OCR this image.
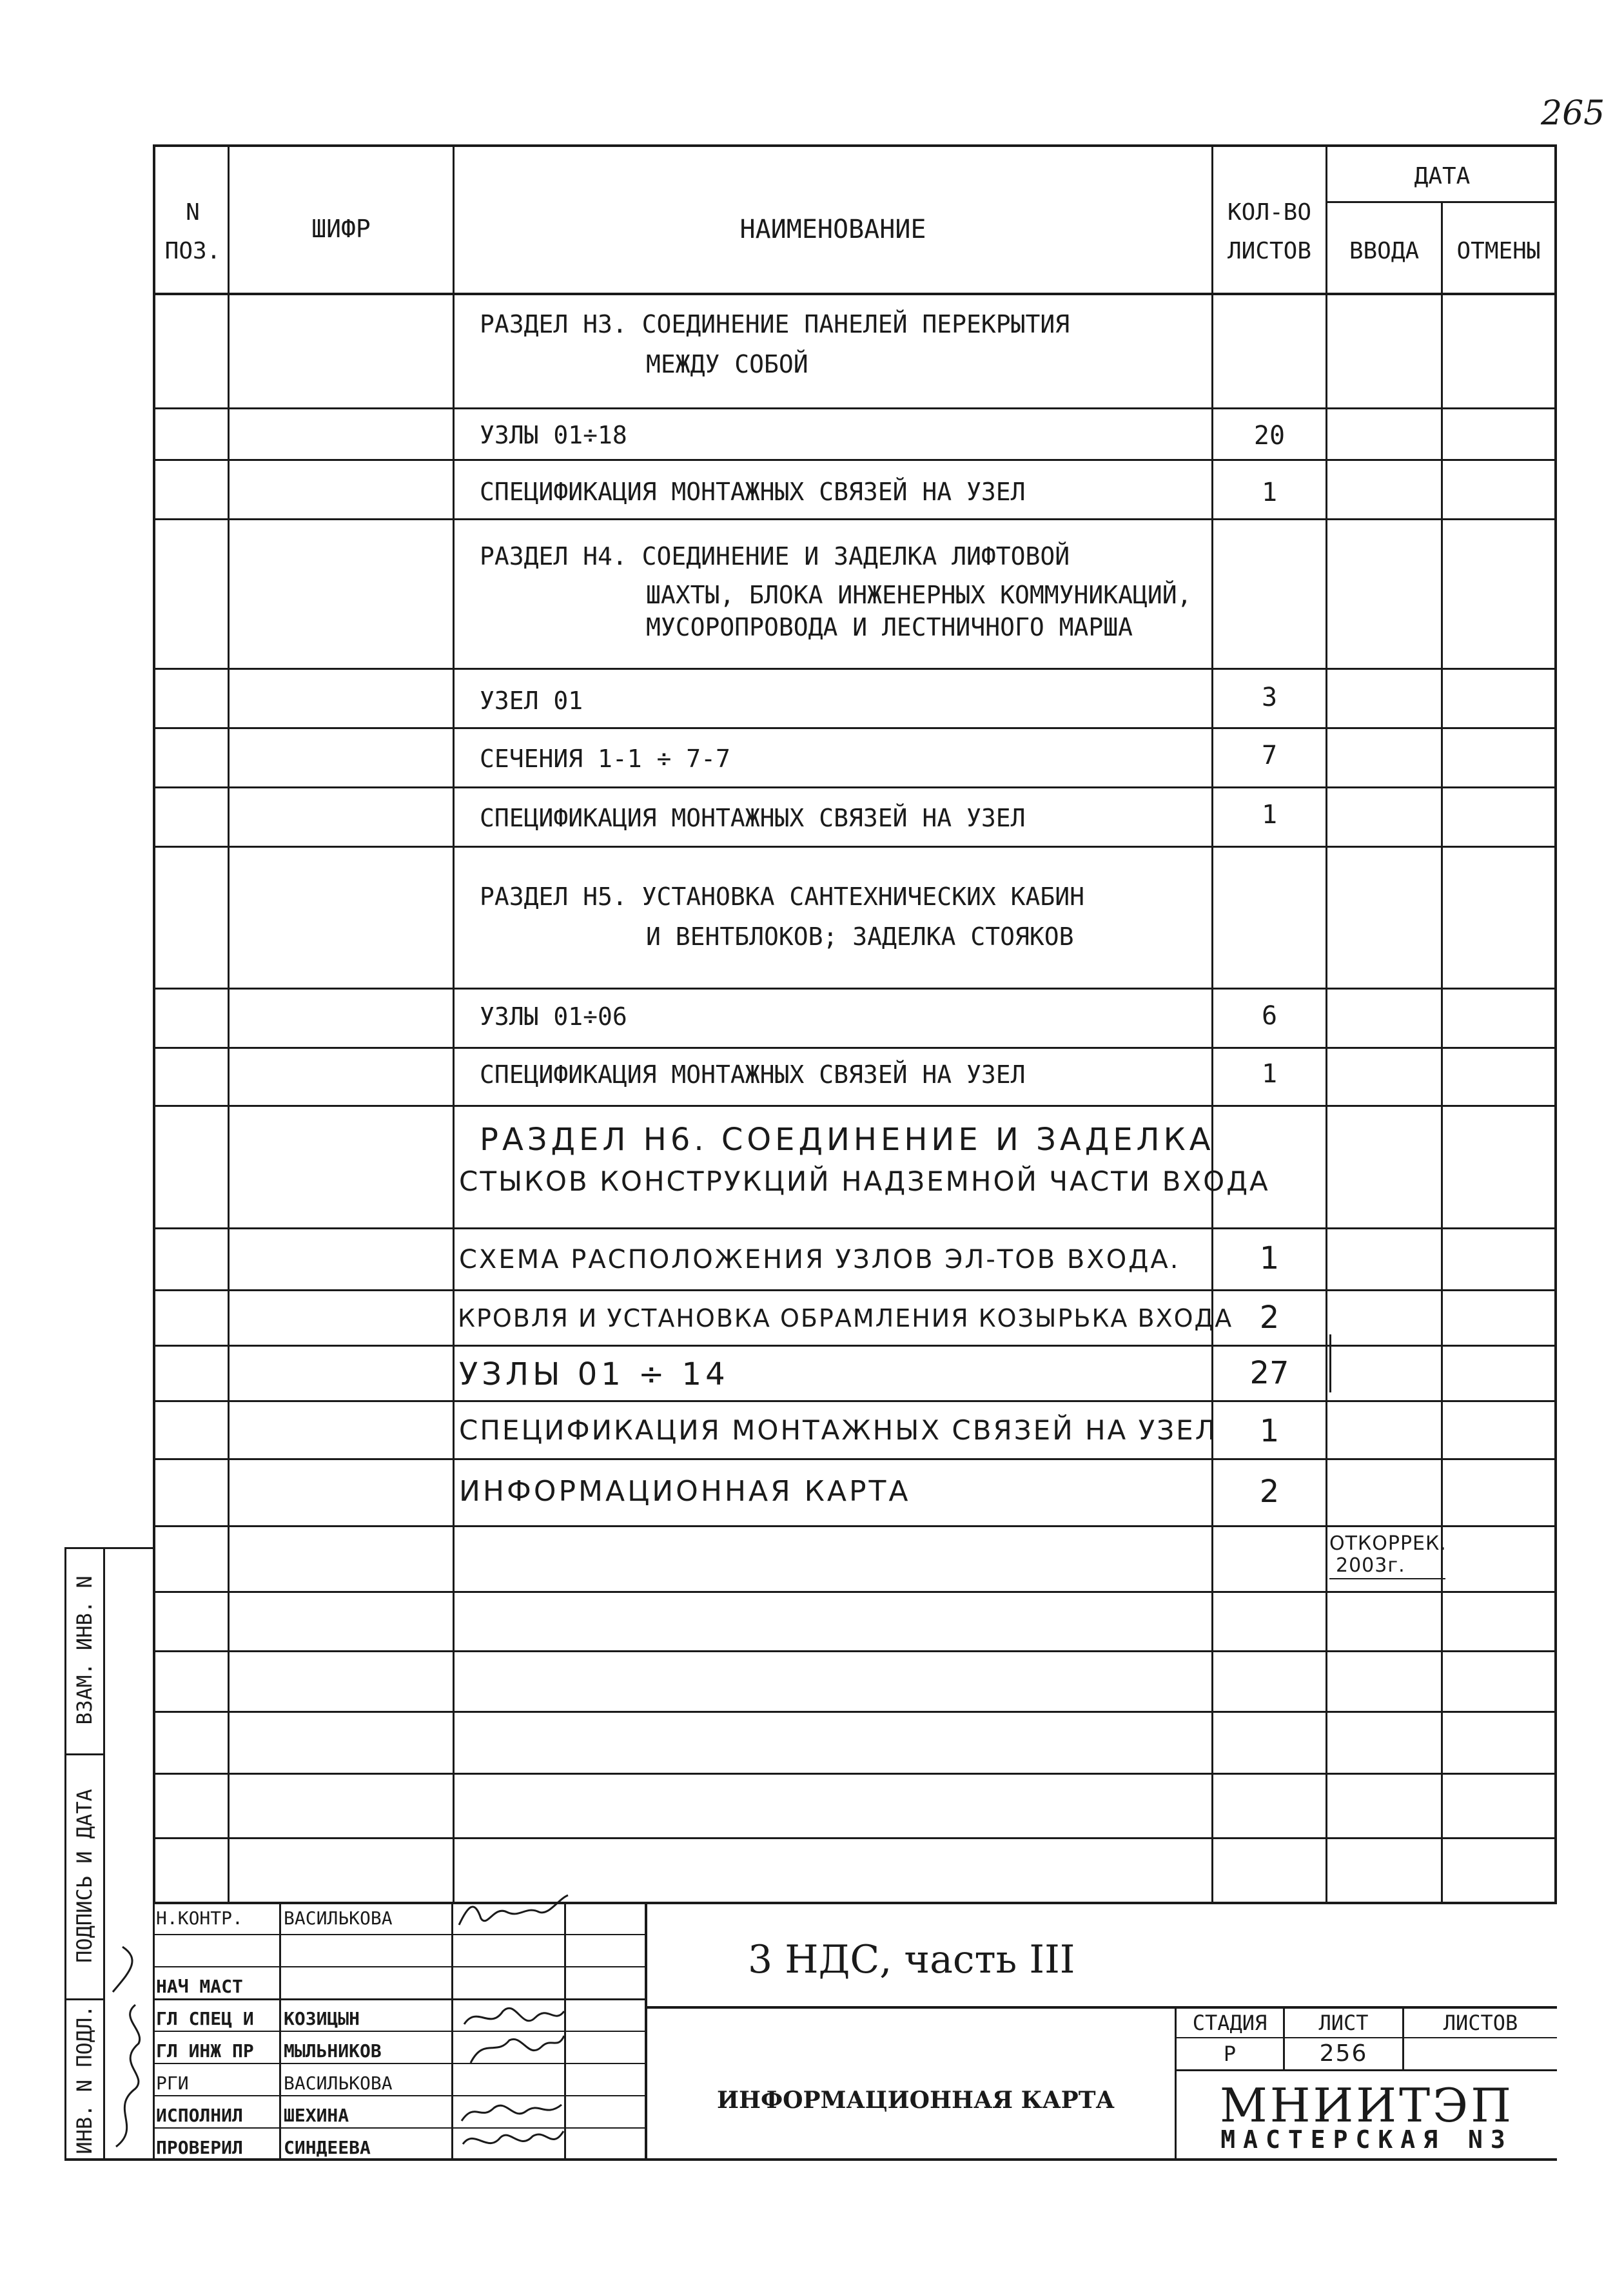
265
N
ПОЗ.
ШИФР	НАИМЕНОВАНИЕ
КОЛ-ВО
ЛИСТОВ
ДАТА
ВВОДА	ОТМЕНЫ
РАЗДЕЛ Н3. СОЕДИНЕНИЕ ПАНЕЛЕЙ ПЕРЕКРЫТИЯ
МЕЖДУ СОБОЙ
УЗЛЫ 01÷18	20
СПЕЦИФИКАЦИЯ МОНТАЖНЫХ СВЯЗЕЙ НА УЗЕЛ	1
РАЗДЕЛ Н4. СОЕДИНЕНИЕ И ЗАДЕЛКА ЛИФТОВОЙ
ШАХТЫ, БЛОКА ИНЖЕНЕРНЫХ КОММУНИКАЦИЙ,
МУСОРОПРОВОДА И ЛЕСТНИЧНОГО МАРША
УЗЕЛ 01	3
СЕЧЕНИЯ 1-1 ÷ 7-7	7
СПЕЦИФИКАЦИЯ МОНТАЖНЫХ СВЯЗЕЙ НА УЗЕЛ	1
РАЗДЕЛ Н5. УСТАНОВКА САНТЕХНИЧЕСКИХ КАБИН
И ВЕНТБЛОКОВ; ЗАДЕЛКА СТОЯКОВ
УЗЛЫ 01÷06	6
СПЕЦИФИКАЦИЯ МОНТАЖНЫХ СВЯЗЕЙ НА УЗЕЛ	1
РАЗДЕЛ Н6. СОЕДИНЕНИЕ И ЗАДЕЛКА
СТЫКОВ КОНСТРУКЦИЙ НАДЗЕМНОЙ ЧАСТИ ВХОДА
СХЕМА РАСПОЛОЖЕНИЯ УЗЛОВ ЭЛ-ТОВ ВХОДА.	1
КРОВЛЯ И УСТАНОВКА ОБРАМЛЕНИЯ КОЗЫРЬКА ВХОДА 2
УЗЛЫ 01 ÷ 14	27
СПЕЦИФИКАЦИЯ МОНТАЖНЫХ СВЯЗЕЙ НА УЗЕЛ	1
ИНФОРМАЦИОННАЯ КАРТА	2
ОТКОРРЕК.
2003г.
ВЗАМ. ИНВ. N
ПОДПИСЬ И ДАТА
ИНВ. N ПОДЛ.
Н.КОНТР. ВАСИЛЬКОВА
НАЧ МАСТ
ГЛ СПЕЦ И КОЗИЦЫН
ГЛ ИНЖ ПР МЫЛЬНИКОВ
РГИ	ВАСИЛЬКОВА
ИСПОЛНИЛ ШЕХИНА
ПРОВЕРИЛ СИНДЕЕВА
3 НДС, часть III
ИНФОРМАЦИОННАЯ КАРТА
СТАДИЯ	ЛИСТ	ЛИСТОВ
Р	256
МНИИТЭП
МАСТЕРСКАЯ N3
